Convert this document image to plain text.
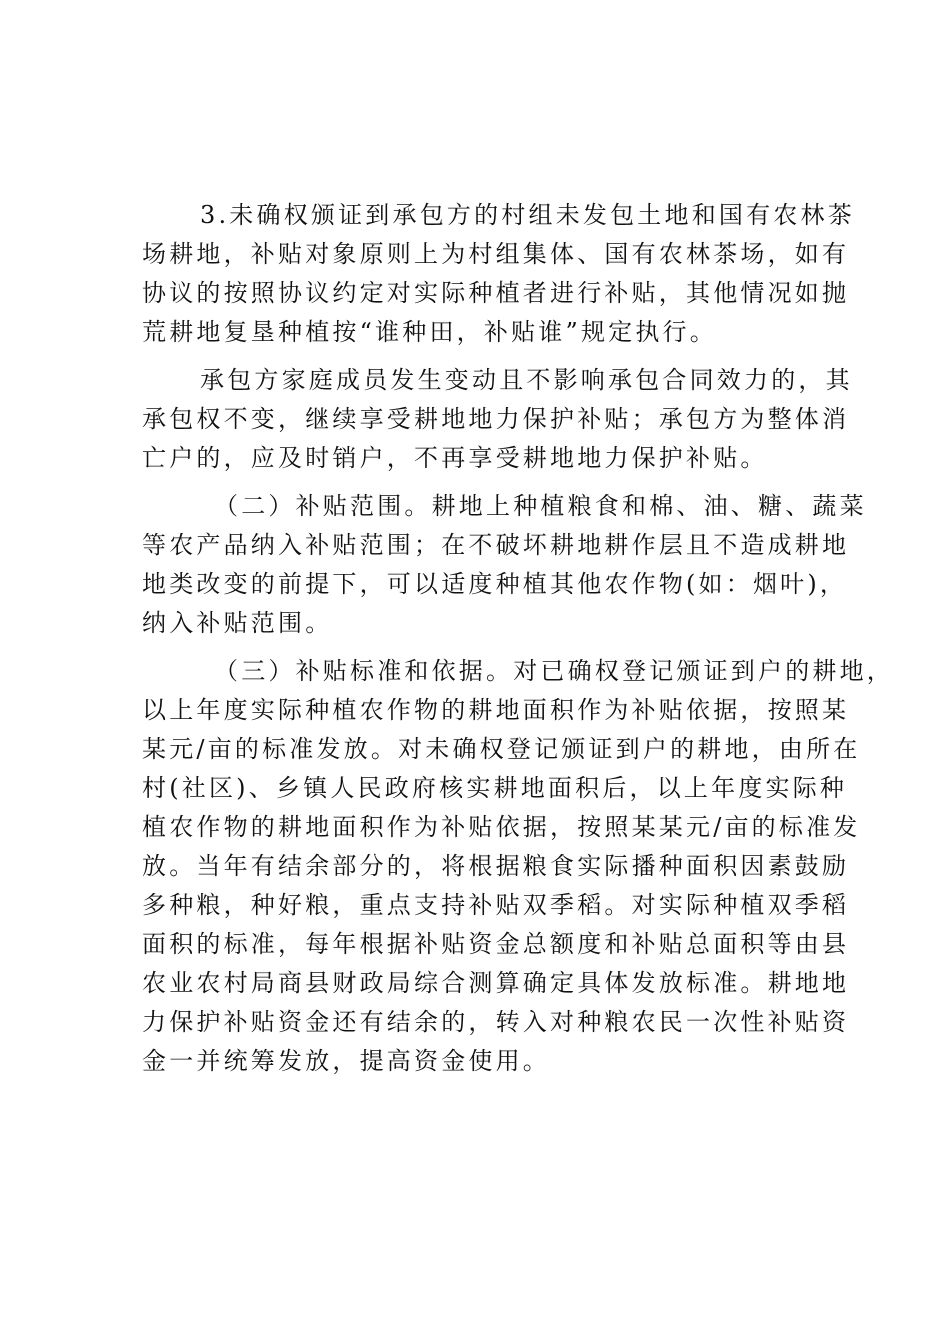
3.未确权颁证到承包方的村组未发包土地和国有农林茶
场耕地，补贴对象原则上为村组集体、国有农林茶场，如有
协议的按照协议约定对实际种植者进行补贴，其他情况如抛
荒耕地复垦种植按“谁种田，补贴谁”规定执行。
承包方家庭成员发生变动且不影响承包合同效力的，其
承包权不变，继续享受耕地地力保护补贴；承包方为整体消
亡户的，应及时销户，不再享受耕地地力保护补贴。
（二）补贴范围。耕地上种植粮食和棉、油、糖、蔬菜
等农产品纳入补贴范围；在不破坏耕地耕作层且不造成耕地
地类改变的前提下，可以适度种植其他农作物(如：烟叶)，
纳入补贴范围。
（三）补贴标准和依据。对已确权登记颁证到户的耕地，
以上年度实际种植农作物的耕地面积作为补贴依据，按照某
某元/亩的标准发放。对未确权登记颁证到户的耕地，由所在
村(社区)、乡镇人民政府核实耕地面积后，以上年度实际种
植农作物的耕地面积作为补贴依据，按照某某元/亩的标准发
放。当年有结余部分的，将根据粮食实际播种面积因素鼓励
多种粮，种好粮，重点支持补贴双季稻。对实际种植双季稻
面积的标准，每年根据补贴资金总额度和补贴总面积等由县
农业农村局商县财政局综合测算确定具体发放标准。耕地地
力保护补贴资金还有结余的，转入对种粮农民一次性补贴资
金一并统筹发放，提高资金使用。
